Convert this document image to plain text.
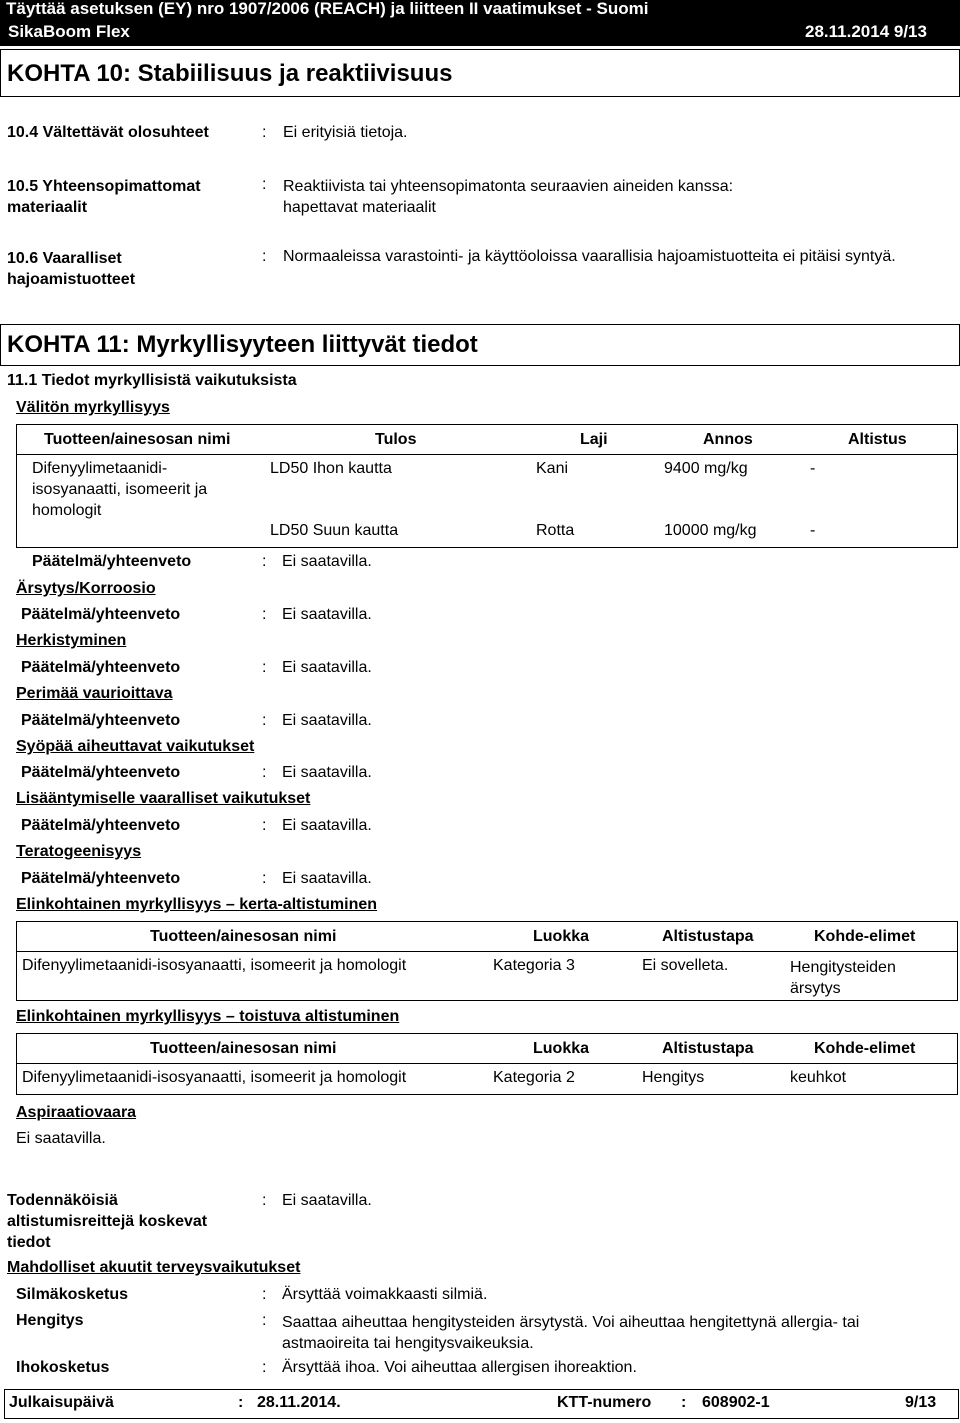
Täyttää asetuksen (EY) nro 1907/2006 (REACH) ja liitteen II vaatimukset - Suomi
SikaBoom Flex	28.11.2014 9/13
KOHTA 10: Stabiilisuus ja reaktiivisuus
10.4 Vältettävät olosuhteet	: Ei erityisiä tietoja.
10.5 Yhteensopimattomat materiaalit
: Reaktiivista tai yhteensopimatonta seuraavien aineiden kanssa: hapettavat materiaalit
10.6 Vaaralliset hajoamistuotteet
: Normaaleissa varastointi- ja käyttöoloissa vaarallisia hajoamistuotteita ei pitäisi syntyä.
KOHTA 11: Myrkyllisyyteen liittyvät tiedot
11.1 Tiedot myrkyllisistä vaikutuksista
Välitön myrkyllisyys
Tuotteen/ainesosan nimi	Tulos	Laji	Annos	Altistus
Difenyylimetaanidi-isosyanaatti, isomeerit ja homologit
LD50 Ihon kautta	Kani	9400 mg/kg	-
LD50 Suun kautta	Rotta	10000 mg/kg	-
Päätelmä/yhteenveto	: Ei saatavilla.
Ärsytys/Korroosio
Päätelmä/yhteenveto	: Ei saatavilla.
Herkistyminen
Päätelmä/yhteenveto	: Ei saatavilla.
Perimää vaurioittava
Päätelmä/yhteenveto	: Ei saatavilla.
Syöpää aiheuttavat vaikutukset
Päätelmä/yhteenveto	: Ei saatavilla.
Lisääntymiselle vaaralliset vaikutukset
Päätelmä/yhteenveto	: Ei saatavilla.
Teratogeenisyys
Päätelmä/yhteenveto	: Ei saatavilla.
Elinkohtainen myrkyllisyys – kerta-altistuminen
Tuotteen/ainesosan nimi	Luokka	Altistustapa	Kohde-elimet
Difenyylimetaanidi-isosyanaatti, isomeerit ja homologit	Kategoria 3	Ei sovelleta.	Hengitysteiden ärsytys
Elinkohtainen myrkyllisyys – toistuva altistuminen
Tuotteen/ainesosan nimi	Luokka	Altistustapa	Kohde-elimet
Difenyylimetaanidi-isosyanaatti, isomeerit ja homologit	Kategoria 2	Hengitys	keuhkot
Aspiraatiovaara
Ei saatavilla.
Todennäköisiä altistumisreittejä koskevat tiedot
: Ei saatavilla.
Mahdolliset akuutit terveysvaikutukset
Silmäkosketus	: Ärsyttää voimakkaasti silmiä.
Hengitys	: Saattaa aiheuttaa hengitysteiden ärsytystä. Voi aiheuttaa hengitettynä allergia- tai astmaoireita tai hengitysvaikeuksia.
Ihokosketus	: Ärsyttää ihoa. Voi aiheuttaa allergisen ihoreaktion.
Julkaisupäivä	: 28.11.2014.	KTT-numero : 608902-1	9/13
